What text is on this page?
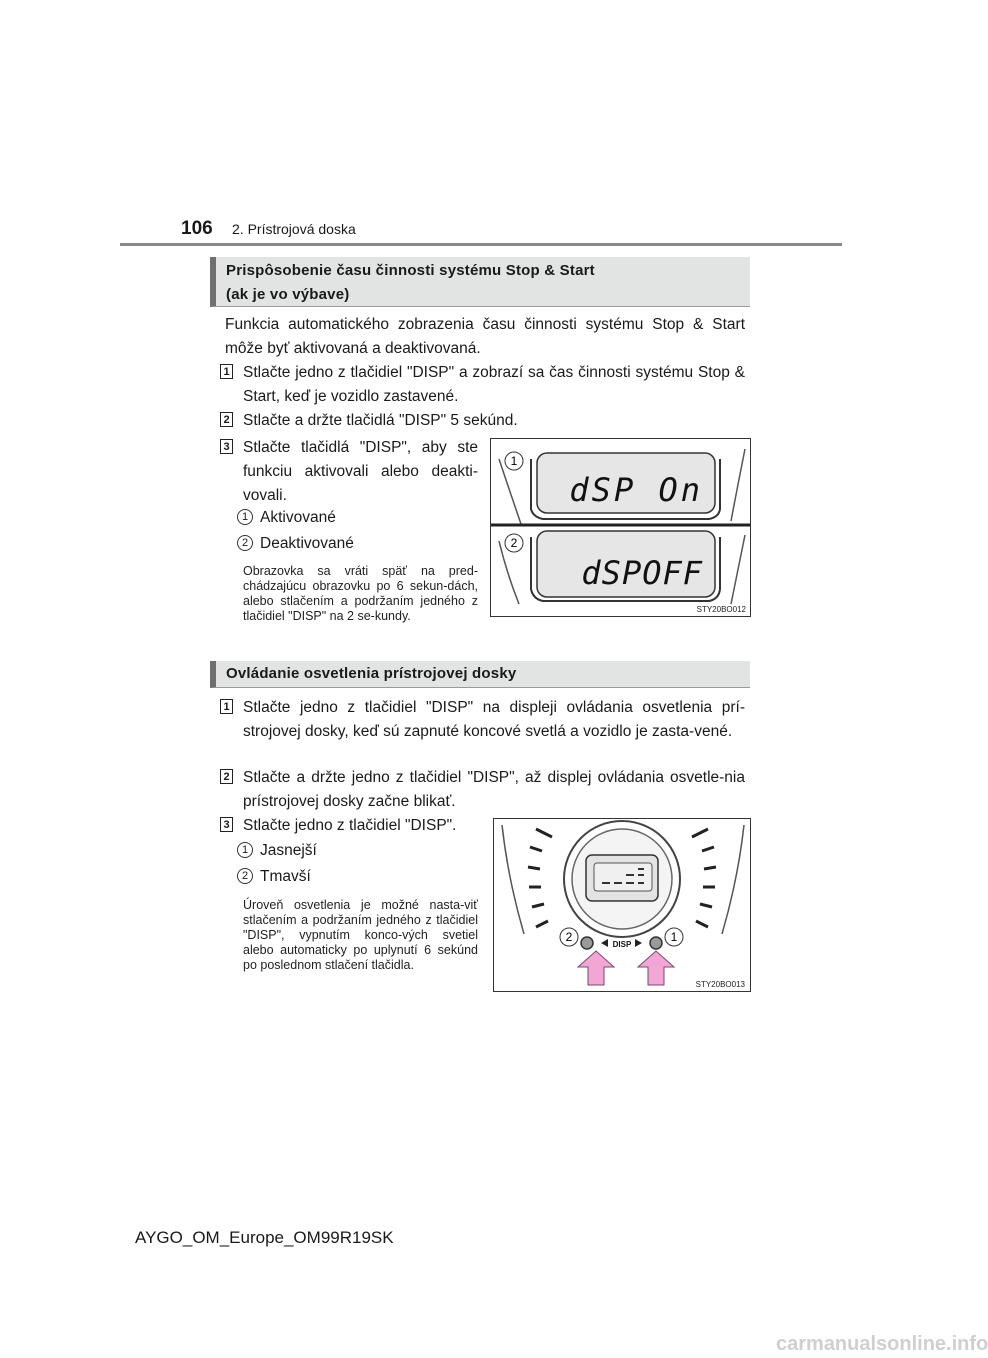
106 2. Prístrojová doska
Prispôsobenie času činnosti systému Stop & Start
(ak je vo výbave)
Funkcia automatického zobrazenia času činnosti systému Stop & Start môže byť aktivovaná a deaktivovaná.
1 Stlačte jedno z tlačidiel "DISP" a zobrazí sa čas činnosti systému Stop & Start, keď je vozidlo zastavené.
2 Stlačte a držte tlačidlá "DISP" 5 sekúnd.
3 Stlačte tlačidlá "DISP", aby ste funkciu aktivovali alebo deakti-vovali.
1 Aktivované
2 Deaktivované
Obrazovka sa vráti späť na pred-chádzajúcu obrazovku po 6 sekun-dách, alebo stlačením a podržaním jedného z tlačidiel "DISP" na 2 se-kundy.
1
2
dSP On
dSPOFF
STY20BO012
Ovládanie osvetlenia prístrojovej dosky
1 Stlačte jedno z tlačidiel "DISP" na displeji ovládania osvetlenia prí-strojovej dosky, keď sú zapnuté koncové svetlá a vozidlo je zasta-vené.
2 Stlačte a držte jedno z tlačidiel "DISP", až displej ovládania osvetle-nia prístrojovej dosky začne blikať.
3 Stlačte jedno z tlačidiel "DISP".
1 Jasnejší
2 Tmavší
Úroveň osvetlenia je možné nasta-viť stlačením a podržaním jedného z tlačidiel "DISP", vypnutím konco-vých svetiel alebo automaticky po uplynutí 6 sekúnd po poslednom stlačení tlačidla.
DISP
2	1
STY20BO013
AYGO_OM_Europe_OM99R19SK
carmanualsonline.info
